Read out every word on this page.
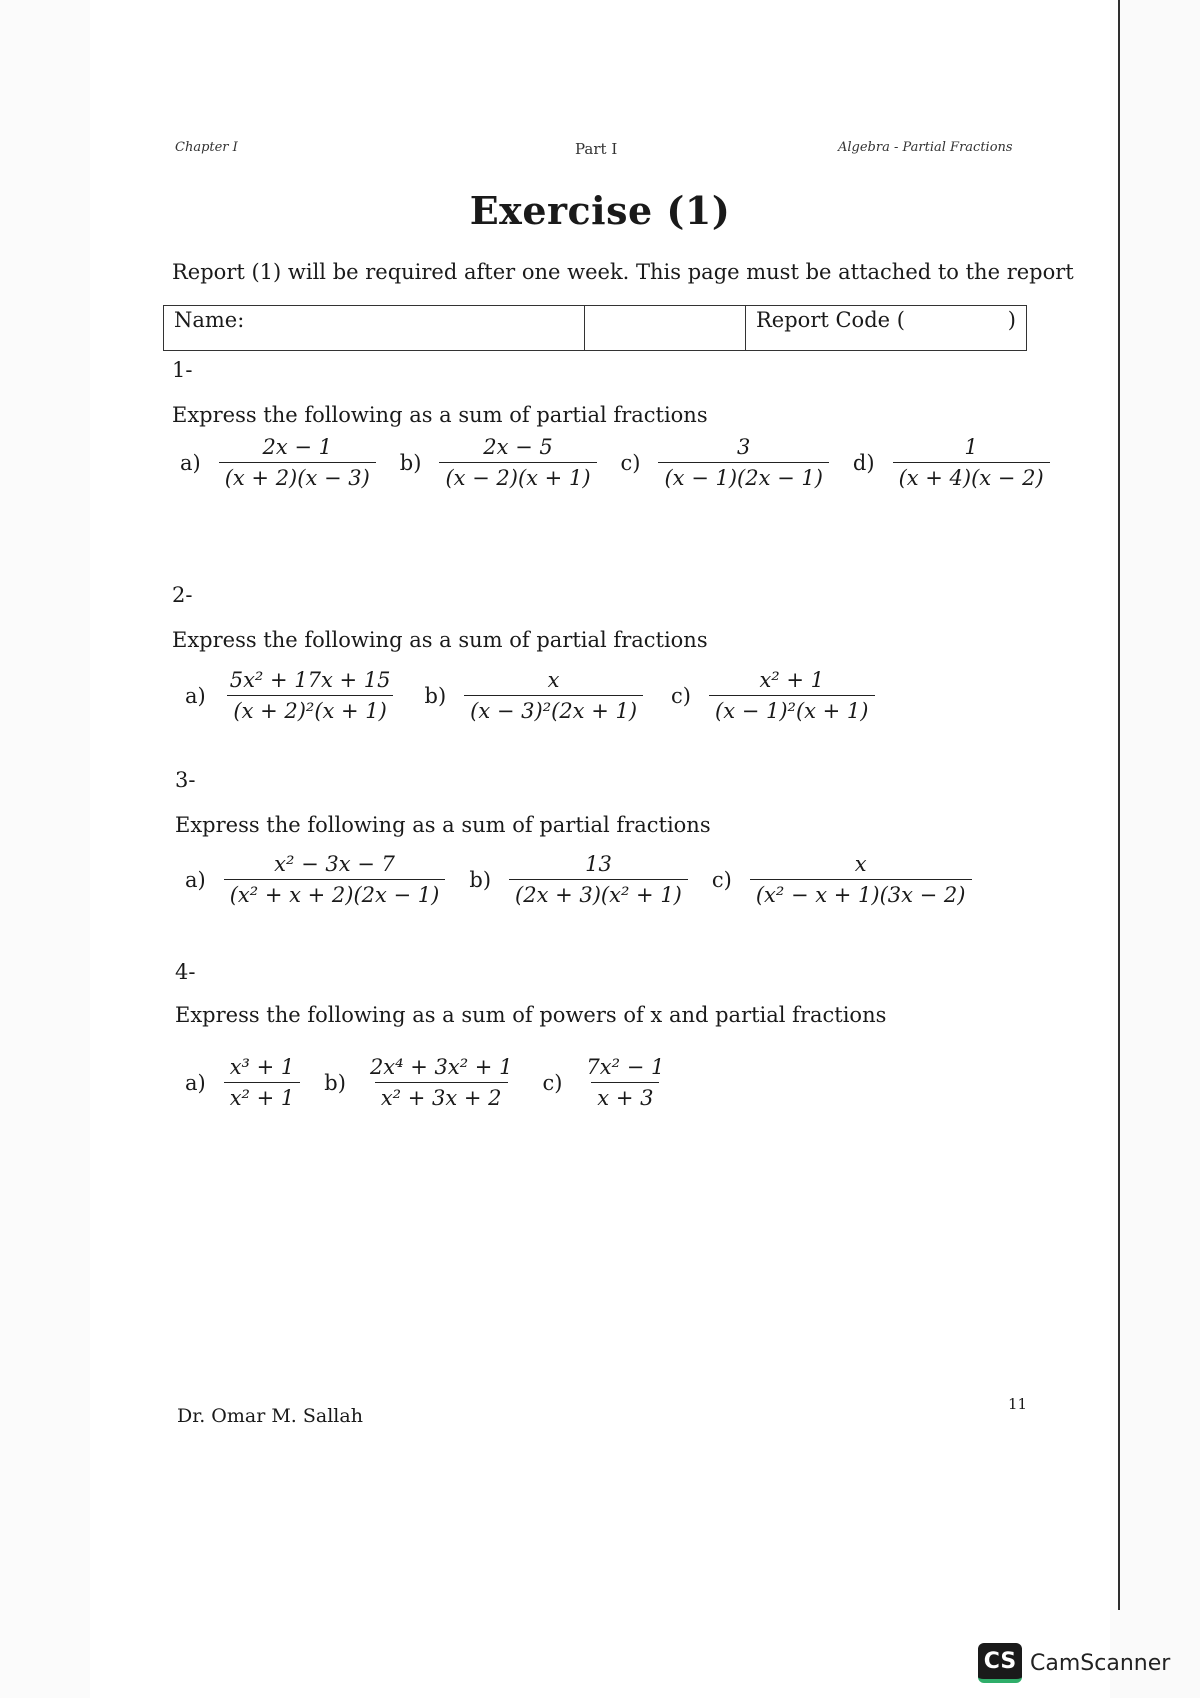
Chapter I	Part I	Algebra - Partial Fractions
Exercise (1)
Report (1) will be required after one week. This page must be attached to the report
Name:		Report Code (	)
1-
Express the following as a sum of partial fractions
$a) \frac{2x - 1}{(x + 2)(x - 3)} b) \frac{2x - 5}{(x - 2)(x + 1)} c) \frac{3}{(x - 1)(2x - 1)} d) \frac{1}{(x + 4)(x - 2)}$
2-
Express the following as a sum of partial fractions
$a) \frac{\text{5x² + 17x + 15}}{\text{(x + 2)²(x + 1)}} b) \frac{x}{\text{(x − 3)²(2x + 1)}} c) \frac{\text{x² + 1}}{\text{(x − 1)²(x + 1)}}$
3-
Express the following as a sum of partial fractions
$a) \frac{\text{x² − 3x − 7}}{\text{(x² + x + 2)(2x − 1)}} b) \frac{13}{\text{(2x + 3)(x² + 1)}} c) \frac{x}{\text{(x² − x + 1)(3x − 2)}}$
4-
Express the following as a sum of powers of x and partial fractions
$a) \frac{\text{x³ + 1}}{\text{x² + 1}} b) \frac{\text{2x⁴ + 3x² + 1}}{\text{x² + 3x + 2}} c) \frac{\text{7x² − 1}}{x + 3}$
Dr. Omar M. Sallah
11
CS CamScanner
